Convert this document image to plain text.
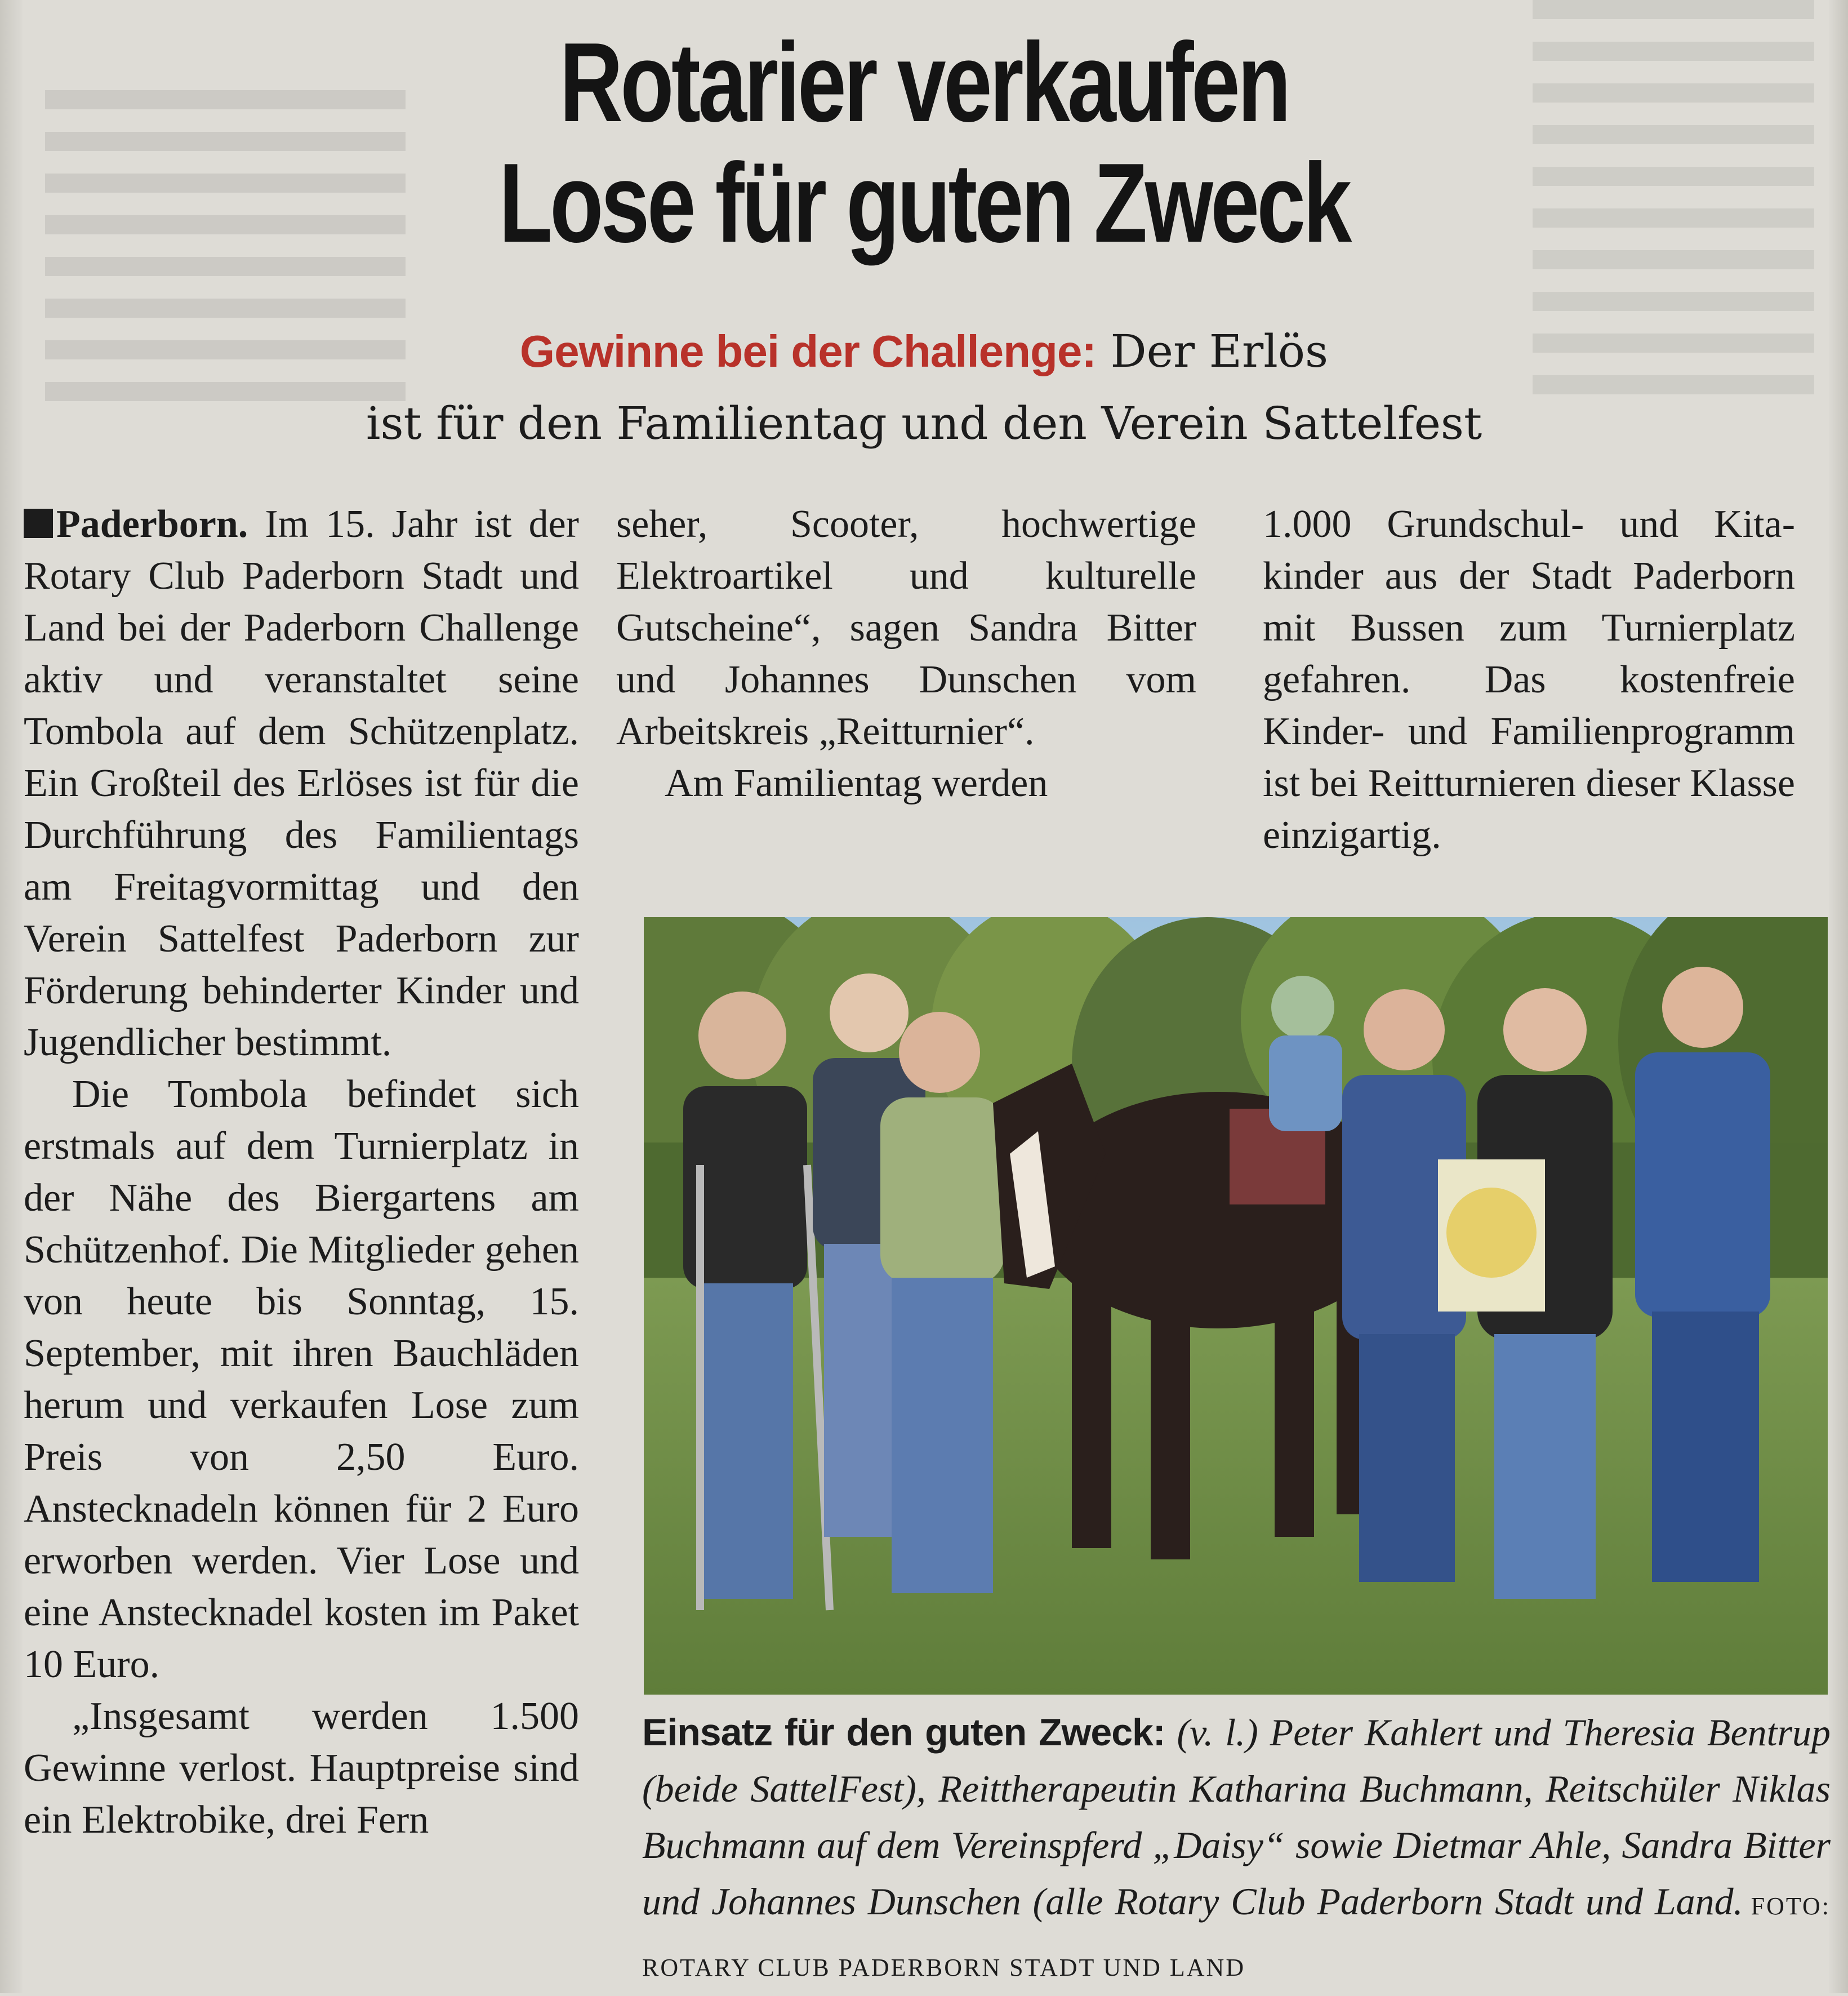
Rotarier verkaufen
Lose für guten Zweck
Gewinne bei der Challenge: Der Erlös
ist für den Familientag und den Verein Sattelfest

Paderborn. Im 15. Jahr ist der Rotary Club Paderborn Stadt und Land bei der Paderborn Challenge aktiv und veranstaltet seine Tombola auf dem Schützenplatz. Ein Großteil des Erlöses ist für die Durchführung des Familientags am Freitagvormittag und den Verein Sattelfest Paderborn zur Förderung behinderter Kinder und Jugendlicher bestimmt.

Die Tombola befindet sich erstmals auf dem Turnierplatz in der Nähe des Biergartens am Schützenhof. Die Mitglieder gehen von heute bis Sonntag, 15. September, mit ihren Bauchläden herum und verkaufen Lose zum Preis von 2,50 Euro. Anstecknadeln können für 2 Euro erworben werden. Vier Lose und eine Anstecknadel kosten im Paket 10 Euro.

„Insgesamt werden 1.500 Gewinne verlost. Hauptpreise sind ein Elektrobike, drei Fern

seher, Scooter, hochwertige Elektroartikel und kulturelle Gutscheine“, sagen Sandra Bitter und Johannes Dunschen vom Arbeitskreis „Reitturnier“.

Am Familientag werden

1.000 Grundschul- und Kitakinder aus der Stadt Paderborn mit Bussen zum Turnierplatz gefahren. Das kostenfreie Kinder- und Familienprogramm ist bei Reitturnieren dieser Klasse einzigartig.

Einsatz für den guten Zweck: (v. l.) Peter Kahlert und Theresia Bentrup (beide SattelFest), Reittherapeutin Katharina Buchmann, Reitschüler Niklas Buchmann auf dem Vereinspferd „Daisy“ sowie Dietmar Ahle, Sandra Bitter und Johannes Dunschen (alle Rotary Club Paderborn Stadt und Land. FOTO: ROTARY CLUB PADERBORN STADT UND LAND
